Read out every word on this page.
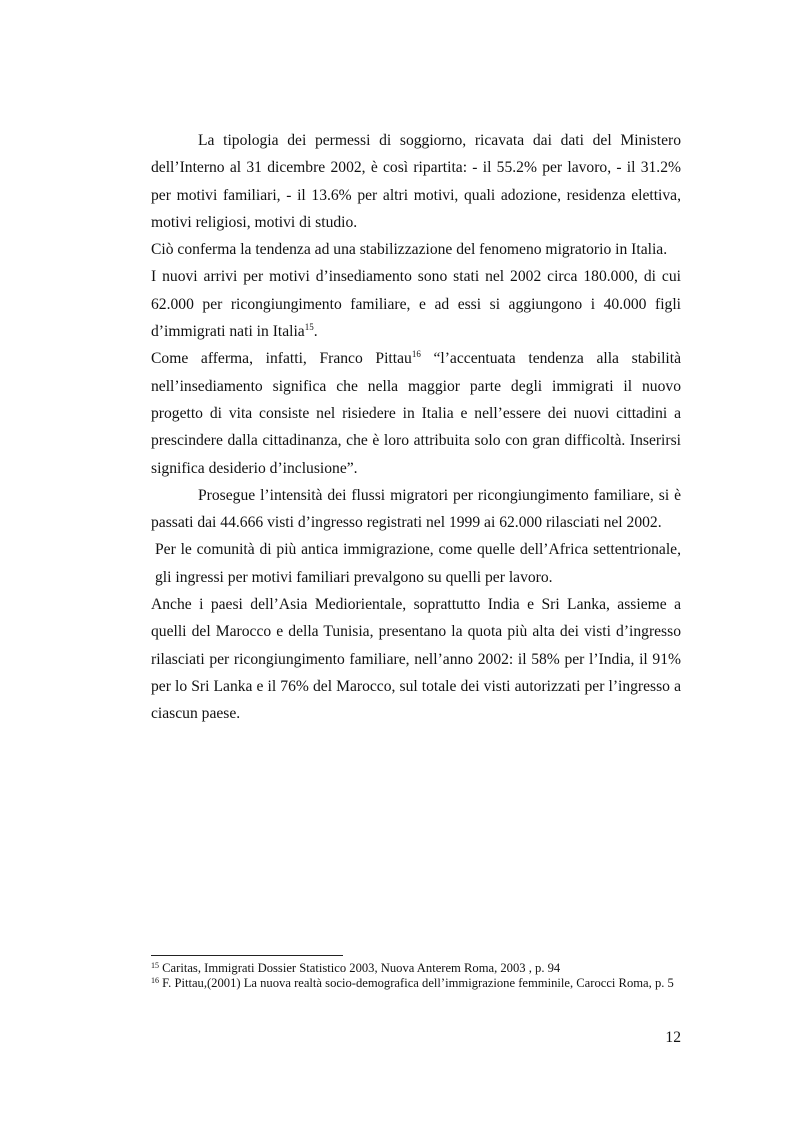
La tipologia dei permessi di soggiorno, ricavata dai dati del Ministero dell’Interno al 31 dicembre 2002, è così ripartita: - il 55.2% per lavoro, - il 31.2% per motivi familiari, - il 13.6% per altri motivi, quali adozione, residenza elettiva, motivi religiosi, motivi di studio.

Ciò conferma la tendenza ad una stabilizzazione del fenomeno migratorio in Italia.

I nuovi arrivi per motivi d’insediamento sono stati nel 2002 circa 180.000, di cui 62.000 per ricongiungimento familiare, e ad essi si aggiungono i 40.000 figli d’immigrati nati in Italia$^{15}$.

Come afferma, infatti, Franco Pittau$^{16}$ “l’accentuata tendenza alla stabilità nell’insediamento significa che nella maggior parte degli immigrati il nuovo progetto di vita consiste nel risiedere in Italia e nell’essere dei nuovi cittadini a prescindere dalla cittadinanza, che è loro attribuita solo con gran difficoltà. Inserirsi significa desiderio d’inclusione”.

Prosegue l’intensità dei flussi migratori per ricongiungimento familiare, si è passati dai 44.666 visti d’ingresso registrati nel 1999 ai 62.000 rilasciati nel 2002.

Per le comunità di più antica immigrazione, come quelle dell’Africa settentrionale, gli ingressi per motivi familiari prevalgono su quelli per lavoro.

Anche i paesi dell’Asia Mediorientale, soprattutto India e Sri Lanka, assieme a quelli del Marocco e della Tunisia, presentano la quota più alta dei visti d’ingresso rilasciati per ricongiungimento familiare, nell’anno 2002: il 58% per l’India, il 91% per lo Sri Lanka e il 76% del Marocco, sul totale dei visti autorizzati per l’ingresso a ciascun paese.

$^{15}$ Caritas, Immigrati Dossier Statistico 2003, Nuova Anterem Roma, 2003 , p. 94

$^{16}$ F. Pittau,(2001) La nuova realtà socio-demografica dell’immigrazione femminile, Carocci Roma, p. 5

12
